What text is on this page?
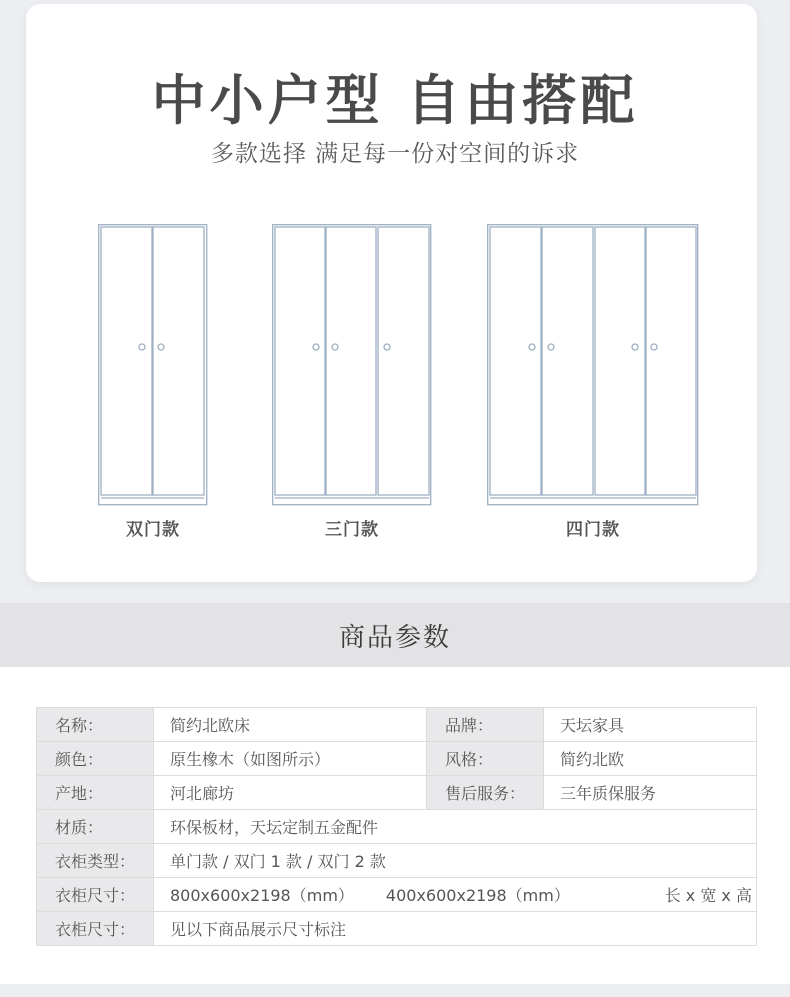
中小户型 自由搭配
多款选择 满足每一份对空间的诉求
双门款	三门款	四门款
商品参数
名称：	简约北欧床	品牌：	天坛家具
颜色：	原生橡木（如图所示）	风格：	简约北欧
产地：	河北廊坊	售后服务：	三年质保服务
材质：	环保板材，天坛定制五金配件		
衣柜类型：	单门款 / 双门 1 款 / 双门 2 款		
衣柜尺寸：	800x600x2198（mm） 400x600x2198（mm） 长 x 宽 x 高		

衣柜尺寸：	见以下商品展示尺寸标注		
